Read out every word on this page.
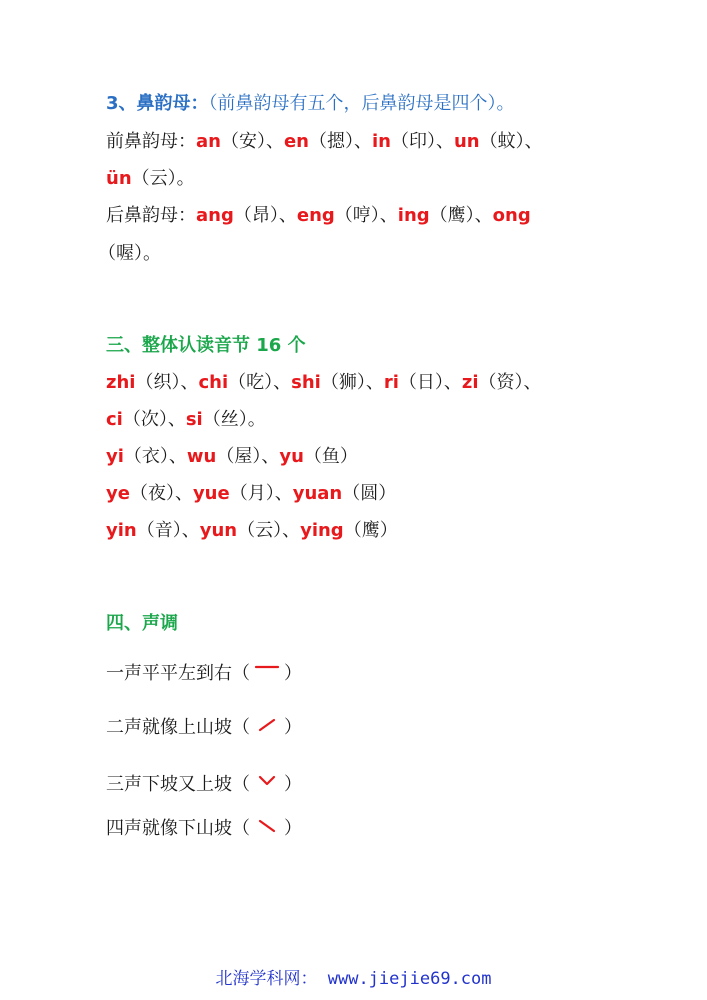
3、鼻韵母：（前鼻韵母有五个，后鼻韵母是四个）。
前鼻韵母：an（安）、en（摁）、in（印）、un（蚊）、
ün（云）。
后鼻韵母：ang（昂）、eng（哼）、ing（鹰）、ong
（喔）。
三、整体认读音节 16 个
zhi（织）、chi（吃）、shi（狮）、ri（日）、zi（资）、
ci（次）、si（丝）。
yi（衣）、wu（屋）、yu（鱼）
ye（夜）、yue（月）、yuan（圆）
yin（音）、yun（云）、ying（鹰）
四、声调
一声平平左到右（ ）
二声就像上山坡（ ）
三声下坡又上坡（ ）
四声就像下山坡（ ）
北海学科网： www.jiejie69.com
